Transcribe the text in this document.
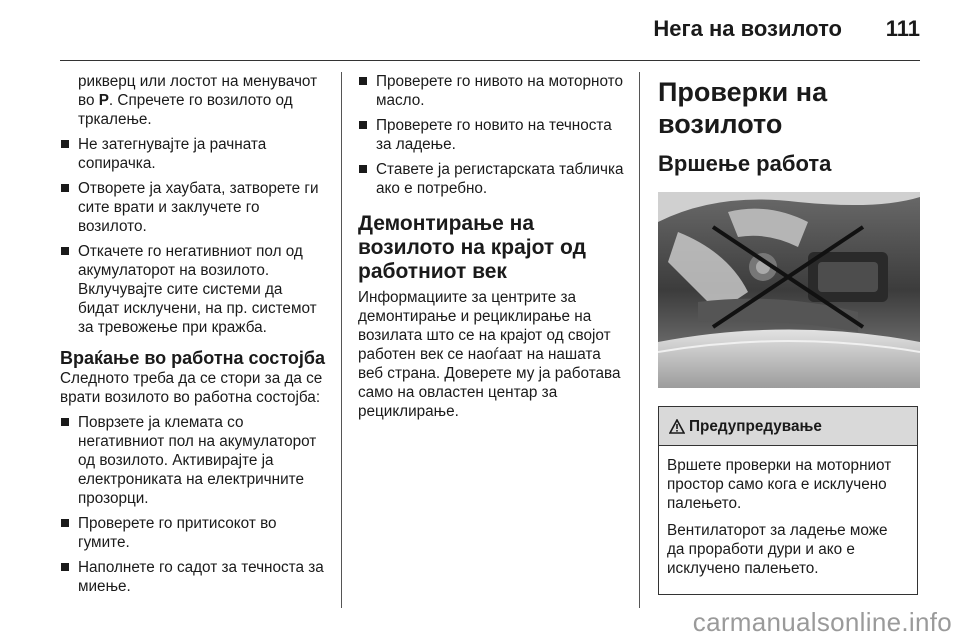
Нега на возилото 111

рикверц или лостот на менувачот во P. Спречете го возилото од тркалење.

Не затегнувајте ја рачната сопирачка.
Отворете ја хаубата, затворете ги сите врати и заклучете го возилото.
Откачете го негативниот пол од акумулаторот на возилото. Вклучувајте сите системи да бидат исклучени, на пр. системот за тревожење при кражба.
Враќање во работна состојба

Следното треба да се стори за да се врати возилото во работна состојба:

Поврзете ја клемата со негативниот пол на акумулаторот од возилото. Активирајте ја електрониката на електричните прозорци.
Проверете го притисокот во гумите.
Наполнете го садот за течноста за миење.
Проверете го нивото на моторното масло.
Проверете го новито на течноста за ладење.
Ставете ја регистарската табличка ако е потребно.
Демонтирање на возилото на крајот од работниот век

Информациите за центрите за демонтирање и рециклирање на возилата што се на крајот од својот работен век се наоѓаат на нашата веб страна. Доверете му ја работава само на овластен центар за рециклирање.

Проверки на возилото
Вршење работа
Предупредување

Вршете проверки на моторниот простор само кога е исклучено палењето.

Вентилаторот за ладење може да проработи дури и ако е исклучено палењето.

carmanualsonline.info
